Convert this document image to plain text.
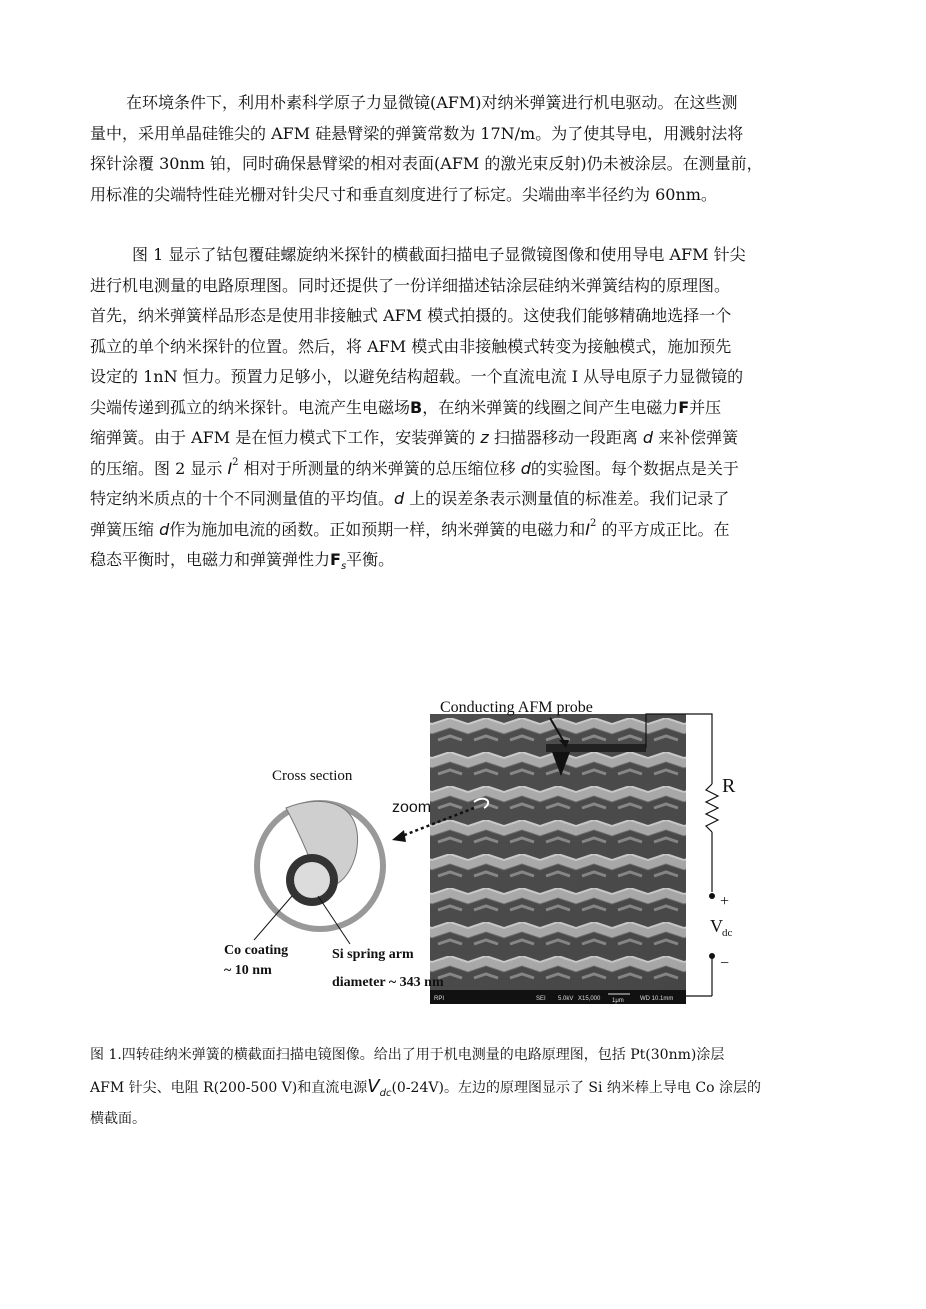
在环境条件下，利用朴素科学原子力显微镜(AFM)对纳米弹簧进行机电驱动。在这些测
量中，采用单晶硅锥尖的 AFM 硅悬臂梁的弹簧常数为 17N/m。为了使其导电，用溅射法将
探针涂覆 30nm 铂，同时确保悬臂梁的相对表面(AFM 的激光束反射)仍未被涂层。在测量前，
用标准的尖端特性硅光栅对针尖尺寸和垂直刻度进行了标定。尖端曲率半径约为 60nm。
图 1 显示了钴包覆硅螺旋纳米探针的横截面扫描电子显微镜图像和使用导电 AFM 针尖
进行机电测量的电路原理图。同时还提供了一份详细描述钴涂层硅纳米弹簧结构的原理图。
首先，纳米弹簧样品形态是使用非接触式 AFM 模式拍摄的。这使我们能够精确地选择一个
孤立的单个纳米探针的位置。然后，将 AFM 模式由非接触模式转变为接触模式，施加预先
设定的 1nN 恒力。预置力足够小，以避免结构超载。一个直流电流 I 从导电原子力显微镜的
尖端传递到孤立的纳米探针。电流产生电磁场B，在纳米弹簧的线圈之间产生电磁力F并压
缩弹簧。由于 AFM 是在恒力模式下工作，安装弹簧的 z 扫描器移动一段距离 d 来补偿弹簧
的压缩。图 2 显示 $I^2$ 相对于所测量的纳米弹簧的总压缩位移 d的实验图。每个数据点是关于
特定纳米质点的十个不同测量值的平均值。d 上的误差条表示测量值的标准差。我们记录了
弹簧压缩 d作为施加电流的函数。正如预期一样，纳米弹簧的电磁力和$I^2$ 的平方成正比。在
稳态平衡时，电磁力和弹簧弹性力$F_s$平衡。
RPI	SEI 5.0kV X15,000 1μm	WD 10.1mm
Conducting AFM probe
R
+
V dc
−
Cross section
zoom
Co coating
~ 10 nm
Si spring arm
diameter ~ 343 nm
图 1.四转硅纳米弹簧的横截面扫描电镜图像。给出了用于机电测量的电路原理图，包括 Pt(30nm)涂层
AFM 针尖、电阻 R(200-500 V)和直流电源$V_{dc}(0-24V)$。左边的原理图显示了 Si 纳米棒上导电 Co 涂层的
横截面。
